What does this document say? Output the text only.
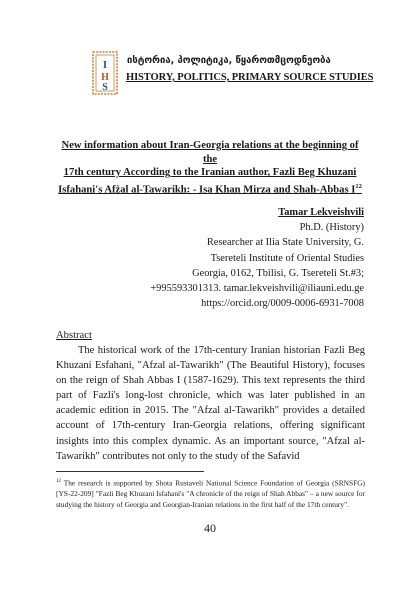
I
H
S
ისტორია, პოლიტიკა, წყაროთმცოდნეობა
HISTORY, POLITICS, PRIMARY SOURCE STUDIES
New information about Iran-Georgia relations at the beginning of the
17th century According to the Iranian author, Fazli Beg Khuzani
Isfahani's Afżal al-Tawarikh: - Isa Khan Mirza and Shah-Abbas $I^{12}$
Tamar Lekveishvili
Ph.D. (History)
Researcher at Ilia State University, G.
Tsereteli Institute of Oriental Studies
Georgia, 0162, Tbilisi, G. Tsereteli St.#3;
+995593301313. tamar.lekveishvili@iliauni.edu.ge
https://orcid.org/0009-0006-6931-7008
Abstract
The historical work of the 17th-century Iranian historian Fazli Beg Khuzani Esfahani, "Afzal al-Tawarikh" (The Beautiful History), focuses on the reign of Shah Abbas I (1587-1629). This text represents the third part of Fazli's long-lost chronicle, which was later published in an academic edition in 2015. The "Afzal al-Tawarikh" provides a detailed account of 17th-century Iran-Georgia relations, offering significant insights into this complex dynamic. As an important source, "Afzal al-Tawarikh" contributes not only to the study of the Safavid
$^{12}$ The research is supported by Shota Rustaveli National Science Foundation of Georgia (SRNSFG) [YS-22-209] "Fazli Beg Khuzani Isfahani's "A chronicle of the reign of Shah Abbas" – a new source for studying the history of Georgia and Georgian-Iranian relations in the first half of the 17th century".
40
